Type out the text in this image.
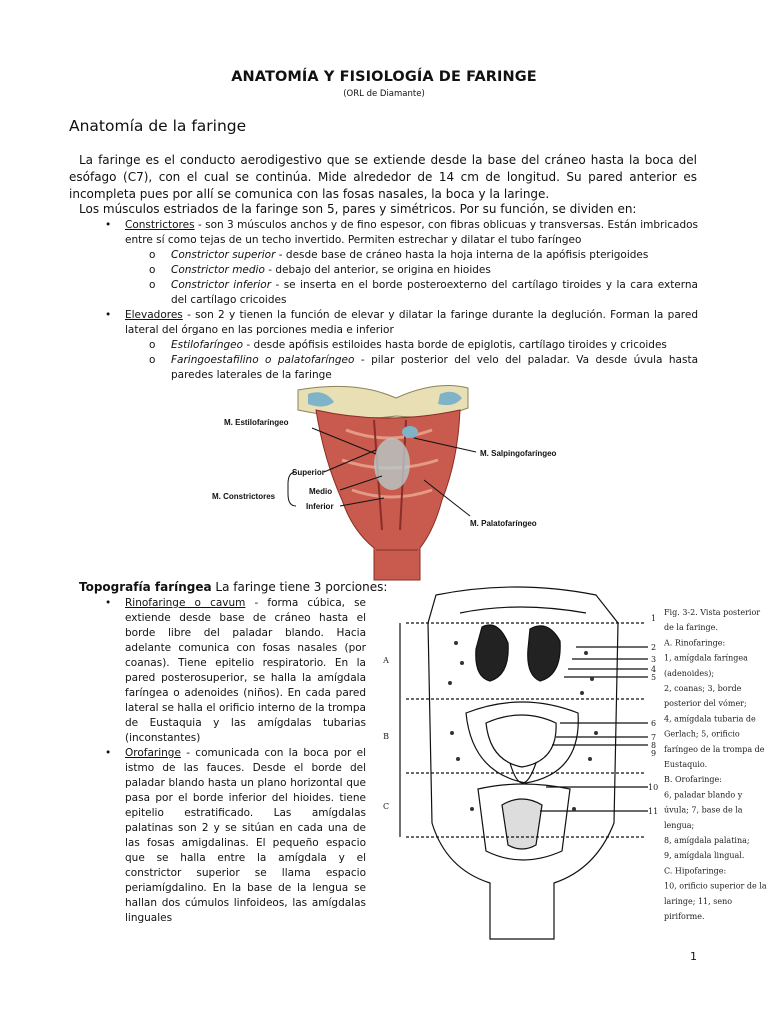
ANATOMÍA Y FISIOLOGÍA DE FARINGE
(ORL de Diamante)
Anatomía de la faringe
La faringe es el conducto aerodigestivo que se extiende desde la base del cráneo hasta la boca del esófago (C7), con el cual se continúa. Mide alrededor de 14 cm de longitud. Su pared anterior es incompleta pues por allí se comunica con las fosas nasales, la boca y la laringe.
Los músculos estriados de la faringe son 5, pares y simétricos. Por su función, se dividen en:
• Constrictores - son 3 músculos anchos y de fino espesor, con fibras oblicuas y transversas. Están imbricados entre sí como tejas de un techo invertido. Permiten estrechar y dilatar el tubo faríngeo
o Constrictor superior - desde base de cráneo hasta la hoja interna de la apófisis pterigoides
o Constrictor medio - debajo del anterior, se origina en hioides
o Constrictor inferior - se inserta en el borde posteroexterno del cartílago tiroides y la cara externa del cartílago cricoides
• Elevadores - son 2 y tienen la función de elevar y dilatar la faringe durante la deglución. Forman la pared lateral del órgano en las porciones media e inferior
o Estilofaríngeo - desde apófisis estiloides hasta borde de epiglotis, cartílago tiroides y cricoides
o Faringoestafilino o palatofaríngeo - pilar posterior del velo del paladar. Va desde úvula hasta paredes laterales de la faringe
M. Estilofaríngeo
M. Salpingofaríngeo
Superior
Medio
Inferior
M. Constrictores
M. Palatofaríngeo
Topografía faríngea La faringe tiene 3 porciones:
• Rinofaringe o cavum - forma cúbica, se extiende desde base de cráneo hasta el borde libre del paladar blando. Hacia adelante comunica con fosas nasales (por coanas). Tiene epitelio respiratorio. En la pared posterosuperior, se halla la amígdala faríngea o adenoides (niños). En cada pared lateral se halla el orificio interno de la trompa de Eustaquia y las amígdalas tubarias (inconstantes)
• Orofaringe - comunicada con la boca por el istmo de las fauces. Desde el borde del paladar blando hasta un plano horizontal que pasa por el borde inferior del hioides. tiene epitelio estratificado. Las amígdalas palatinas son 2 y se sitúan en cada una de las fosas amigdalinas. El pequeño espacio que se halla entre la amígdala y el constrictor superior se llama espacio periamígdalino. En la base de la lengua se hallan dos cúmulos linfoideos, las amígdalas linguales
A
B
C
1
2
3
4
5
6
7
8
9
10
11
Fig. 3-2. Vista posterior
de la faringe.
A. Rinofaringe:
1, amígdala faríngea
(adenoides);
2, coanas; 3, borde
posterior del vómer;
4, amígdala tubaria de
Gerlach; 5, orificio
faríngeo de la trompa de
Eustaquio.
B. Orofaringe:
6, paladar blando y
úvula; 7, base de la
lengua;
8, amígdala palatina;
9, amígdala lingual.
C. Hipofaringe:
10, orificio superior de la
laringe; 11, seno
piriforme.
1
